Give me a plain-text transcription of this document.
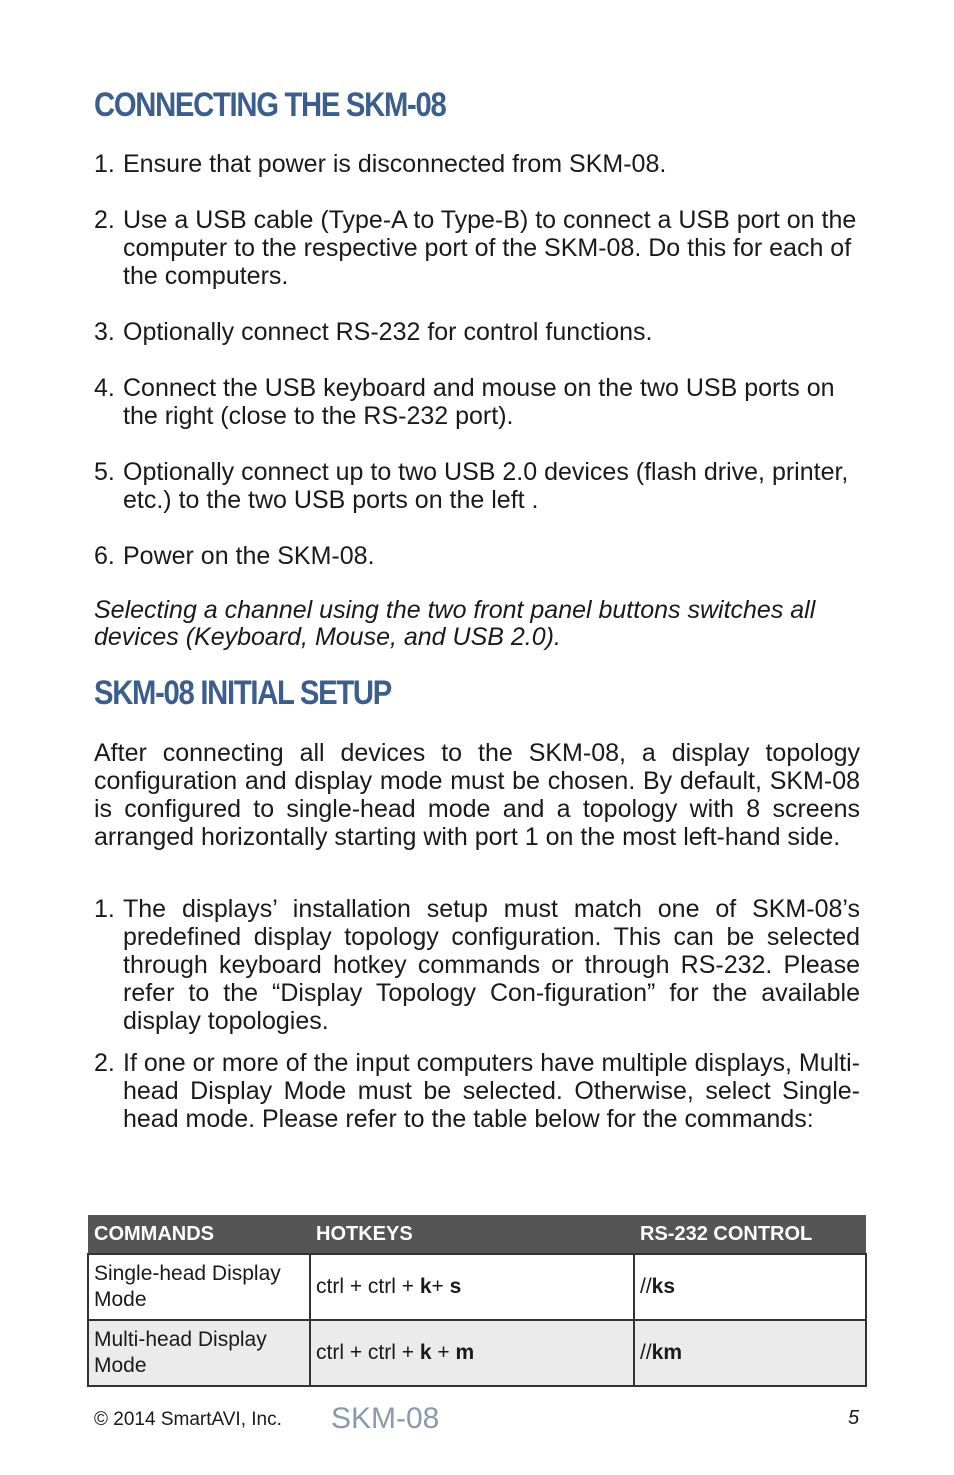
CONNECTING THE SKM-08
1. Ensure that power is disconnected from SKM-08.
2. Use a USB cable (Type-A to Type-B) to connect a USB port on the computer to the respective port of the SKM-08. Do this for each of the computers.
3. Optionally connect RS-232 for control functions.
4. Connect the USB keyboard and mouse on the two USB ports on the right (close to the RS-232 port).
5. Optionally connect up to two USB 2.0 devices (flash drive, printer, etc.) to the two USB ports on the left .
6. Power on the SKM-08.

Selecting a channel using the two front panel buttons switches all devices (Keyboard, Mouse, and USB 2.0).

SKM-08 INITIAL SETUP

After connecting all devices to the SKM-08, a display topology configuration and display mode must be chosen. By default, SKM-08 is configured to single-head mode and a topology with 8 screens arranged horizontally starting with port 1 on the most left-hand side.

1. The displays’ installation setup must match one of SKM-08’s predefined display topology configuration. This can be selected through keyboard hotkey commands or through RS-232. Please refer to the “Display Topology Con-figuration” for the available display topologies.
2. If one or more of the input computers have multiple displays, Multi-head Display Mode must be selected. Otherwise, select Single-head mode. Please refer to the table below for the commands:
COMMANDS	HOTKEYS	RS-232 CONTROL
Single-head Display Mode	ctrl + ctrl + k+ s	//ks
Multi-head Display Mode	ctrl + ctrl + k + m	//km
© 2014 SmartAVI, Inc. SKM-08	5
